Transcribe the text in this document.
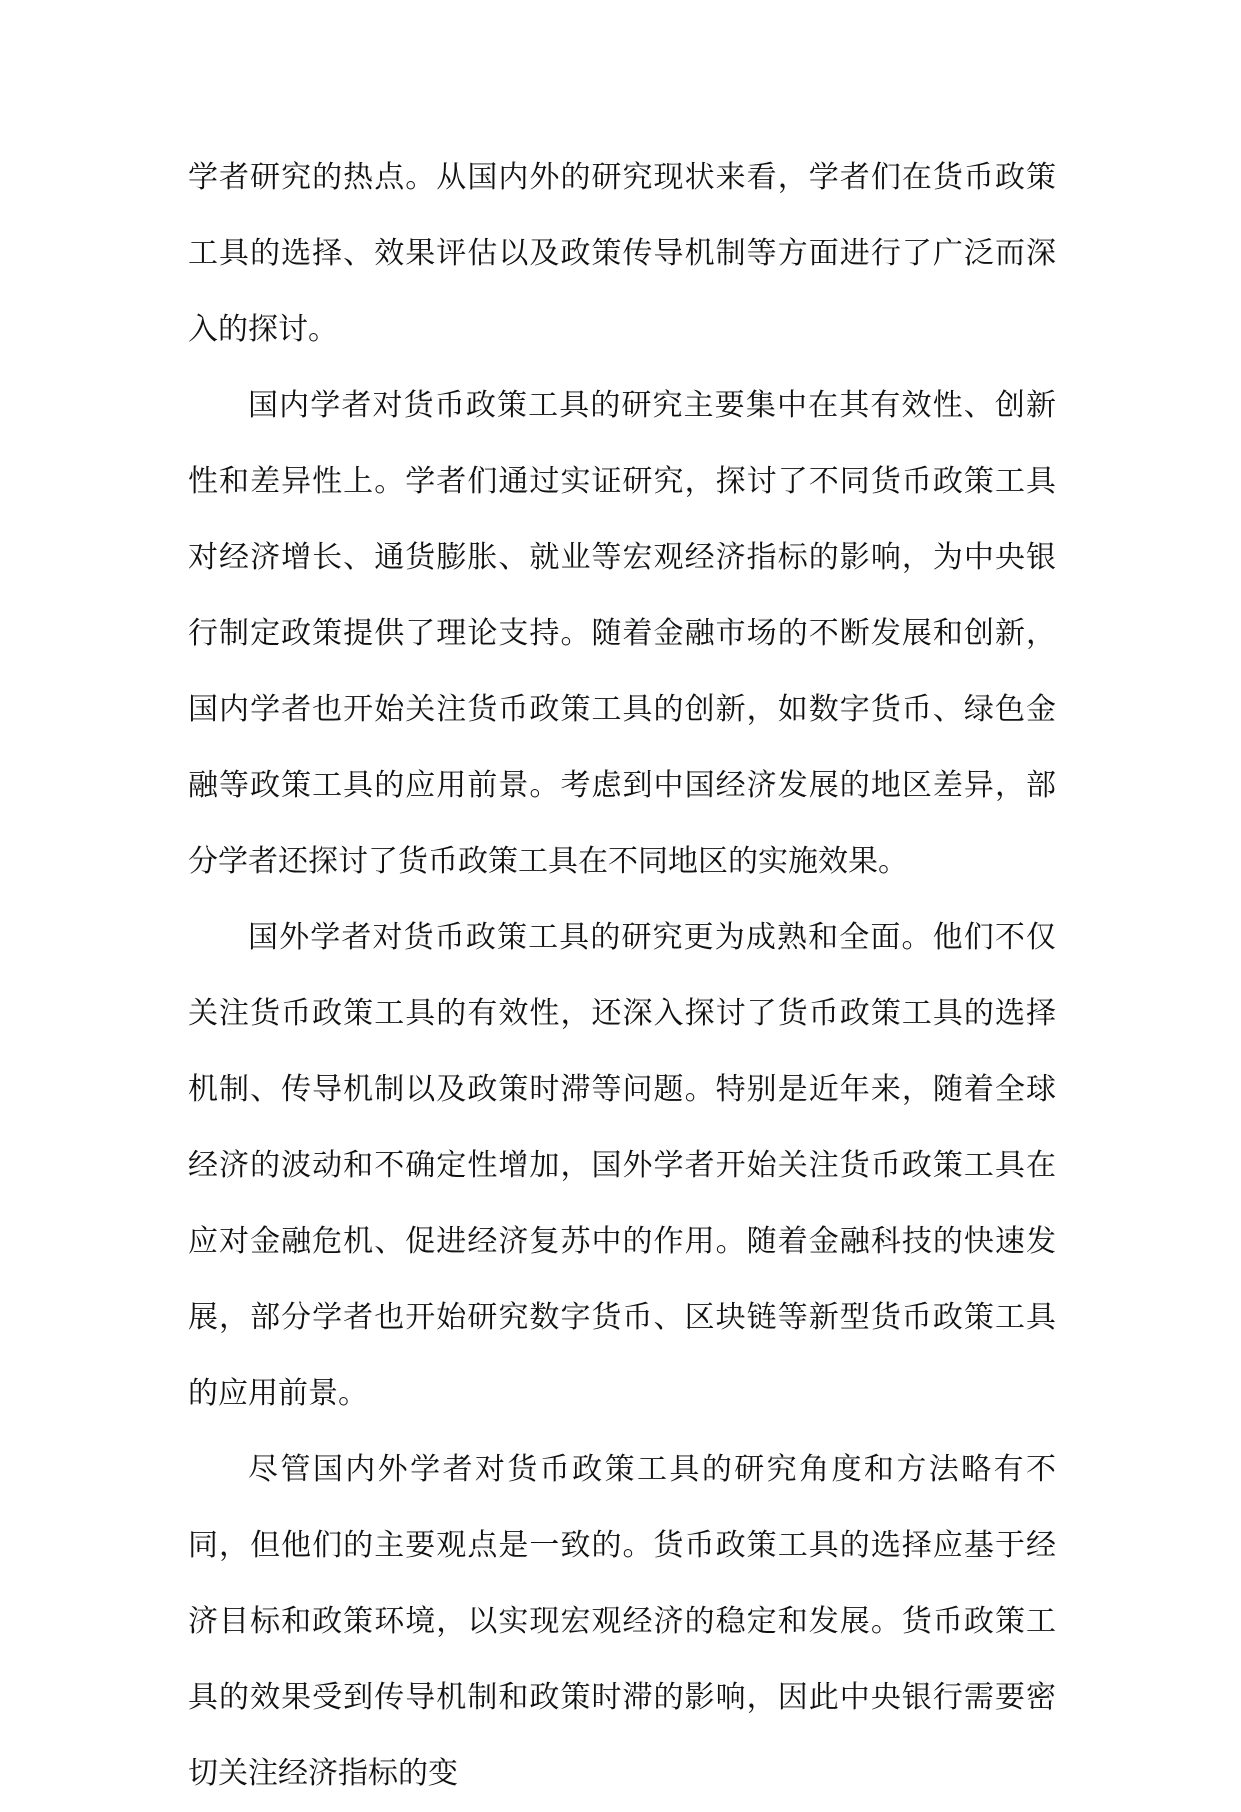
学者研究的热点。从国内外的研究现状来看，学者们在货币政策工具的选择、效果评估以及政策传导机制等方面进行了广泛而深入的探讨。

国内学者对货币政策工具的研究主要集中在其有效性、创新性和差异性上。学者们通过实证研究，探讨了不同货币政策工具对经济增长、通货膨胀、就业等宏观经济指标的影响，为中央银行制定政策提供了理论支持。随着金融市场的不断发展和创新，国内学者也开始关注货币政策工具的创新，如数字货币、绿色金融等政策工具的应用前景。考虑到中国经济发展的地区差异，部分学者还探讨了货币政策工具在不同地区的实施效果。

国外学者对货币政策工具的研究更为成熟和全面。他们不仅关注货币政策工具的有效性，还深入探讨了货币政策工具的选择机制、传导机制以及政策时滞等问题。特别是近年来，随着全球经济的波动和不确定性增加，国外学者开始关注货币政策工具在应对金融危机、促进经济复苏中的作用。随着金融科技的快速发展，部分学者也开始研究数字货币、区块链等新型货币政策工具的应用前景。

尽管国内外学者对货币政策工具的研究角度和方法略有不同，但他们的主要观点是一致的。货币政策工具的选择应基于经济目标和政策环境，以实现宏观经济的稳定和发展。货币政策工具的效果受到传导机制和政策时滞的影响，因此中央银行需要密切关注经济指标的变
